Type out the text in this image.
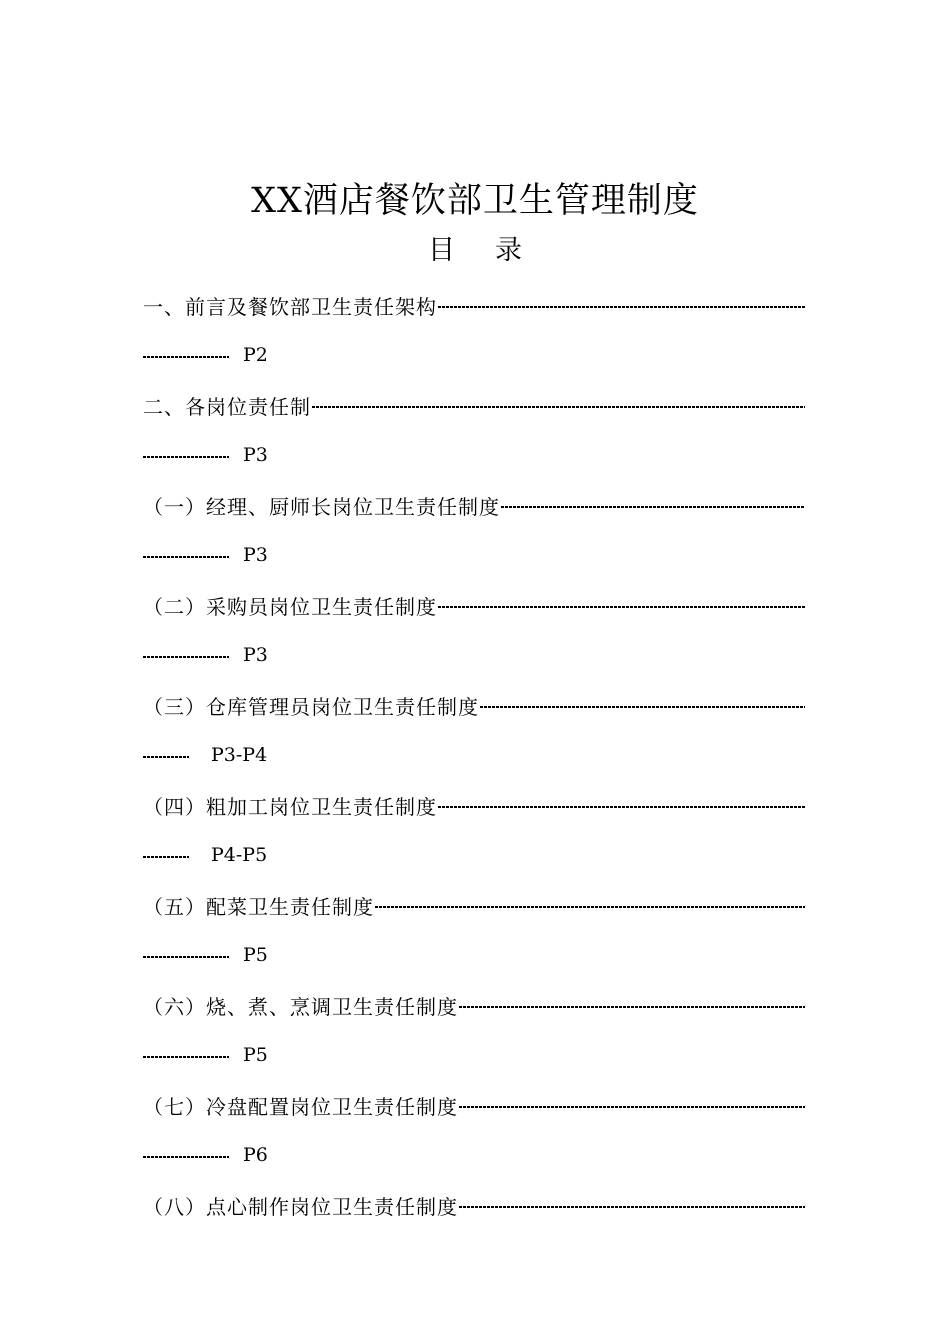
XX酒店餐饮部卫生管理制度
目 录
一、前言及餐饮部卫生责任架构
P2
二、各岗位责任制
P3
（一）经理、厨师长岗位卫生责任制度
P3
（二）采购员岗位卫生责任制度
P3
（三）仓库管理员岗位卫生责任制度
P3-P4
（四）粗加工岗位卫生责任制度
P4-P5
（五）配菜卫生责任制度
P5
（六）烧、煮、烹调卫生责任制度
P5
（七）冷盘配置岗位卫生责任制度
P6
（八）点心制作岗位卫生责任制度
